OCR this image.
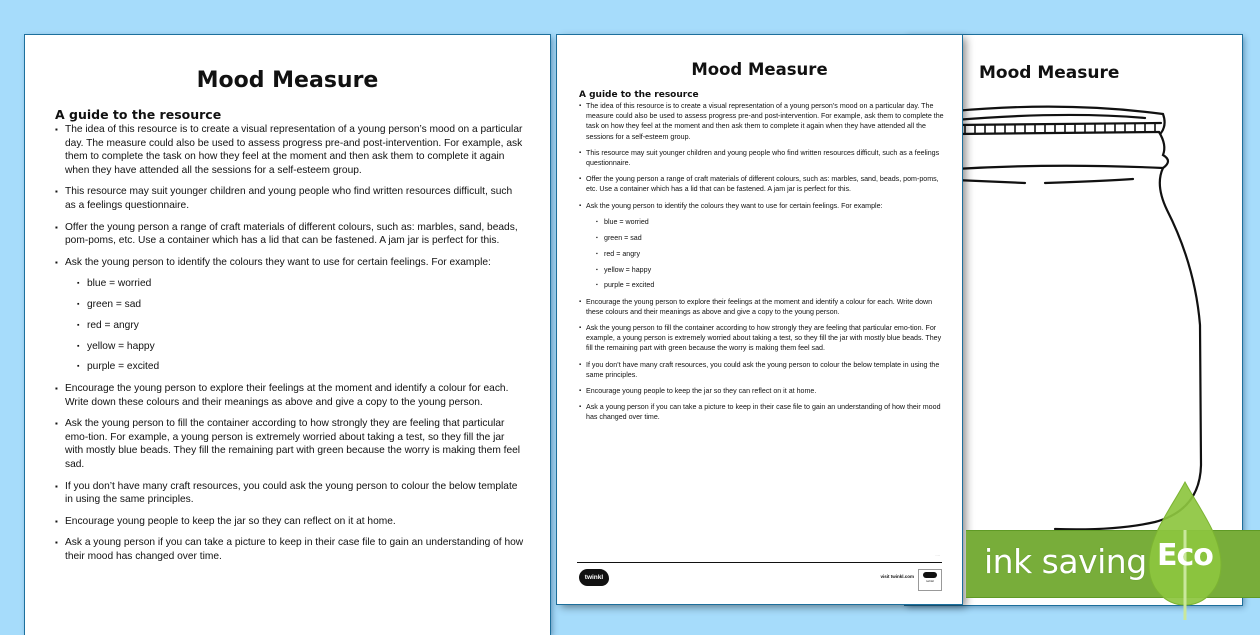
Mood Measure
Mood Measure
A guide to the resource
▪ The idea of this resource is to create a visual representation of a young person’s mood on a particular day. The measure could also be used to assess progress pre-and post-intervention. For example, ask them to complete the task on how they feel at the moment and then ask them to complete it again when they have attended all the sessions for a self-esteem group.
▪ This resource may suit younger children and young people who find written resources difficult, such as a feelings questionnaire.
▪ Offer the young person a range of craft materials of different colours, such as: marbles, sand, beads, pom-poms, etc. Use a container which has a lid that can be fastened. A jam jar is perfect for this.
▪ Ask the young person to identify the colours they want to use for certain feelings. For example:
▪ blue = worried
▪ green = sad
▪ red = angry
▪ yellow = happy
▪ purple = excited
▪ Encourage the young person to explore their feelings at the moment and identify a colour for each. Write down these colours and their meanings as above and give a copy to the young person.
▪ Ask the young person to fill the container according to how strongly they are feeling that particular emo-tion. For example, a young person is extremely worried about taking a test, so they fill the jar with mostly blue beads. They fill the remaining part with green because the worry is making them feel sad.
▪ If you don’t have many craft resources, you could ask the young person to colour the below template in using the same principles.
▪ Encourage young people to keep the jar so they can reflect on it at home.
▪ Ask a young person if you can take a picture to keep in their case file to gain an understanding of how their mood has changed over time.
····
twinkl	visit twinkl.com
twinkl
Mood Measure
A guide to the resource
▪ The idea of this resource is to create a visual representation of a young person’s mood on a particular day. The measure could also be used to assess progress pre-and post-intervention. For example, ask them to complete the task on how they feel at the moment and then ask them to complete it again when they have attended all the sessions for a self-esteem group.
▪ This resource may suit younger children and young people who find written resources difficult, such as a feelings questionnaire.
▪ Offer the young person a range of craft materials of different colours, such as: marbles, sand, beads, pom-poms, etc. Use a container which has a lid that can be fastened. A jam jar is perfect for this.
▪ Ask the young person to identify the colours they want to use for certain feelings. For example:
▪ blue = worried
▪ green = sad
▪ red = angry
▪ yellow = happy
▪ purple = excited
▪ Encourage the young person to explore their feelings at the moment and identify a colour for each. Write down these colours and their meanings as above and give a copy to the young person.
▪ Ask the young person to fill the container according to how strongly they are feeling that particular emo-tion. For example, a young person is extremely worried about taking a test, so they fill the jar with mostly blue beads. They fill the remaining part with green because the worry is making them feel sad.
▪ If you don’t have many craft resources, you could ask the young person to colour the below template in using the same principles.
▪ Encourage young people to keep the jar so they can reflect on it at home.
▪ Ask a young person if you can take a picture to keep in their case file to gain an understanding of how their mood has changed over time.	ink saving Eco
